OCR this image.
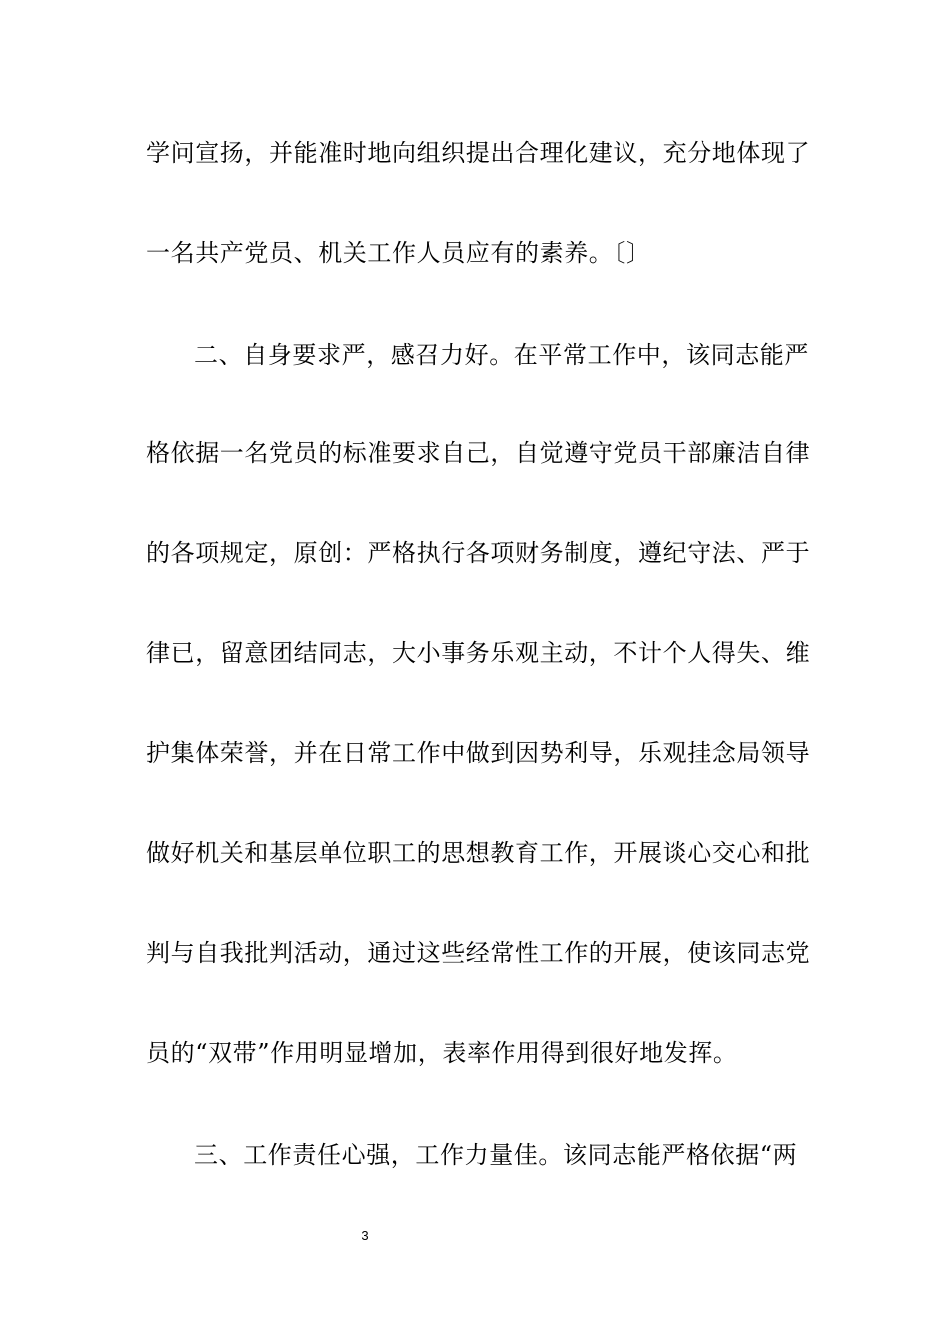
学问宣扬，并能准时地向组织提出合理化建议，充分地体现了
一名共产党员、机关工作人员应有的素养。〔〕
二、自身要求严，感召力好。在平常工作中，该同志能严
格依据一名党员的标准要求自己，自觉遵守党员干部廉洁自律
的各项规定，原创：严格执行各项财务制度，遵纪守法、严于
律已，留意团结同志，大小事务乐观主动，不计个人得失、维
护集体荣誉，并在日常工作中做到因势利导，乐观挂念局领导
做好机关和基层单位职工的思想教育工作，开展谈心交心和批
判与自我批判活动，通过这些经常性工作的开展，使该同志党
员的“双带”作用明显增加，表率作用得到很好地发挥。
三、工作责任心强，工作力量佳。该同志能严格依据“两
3
